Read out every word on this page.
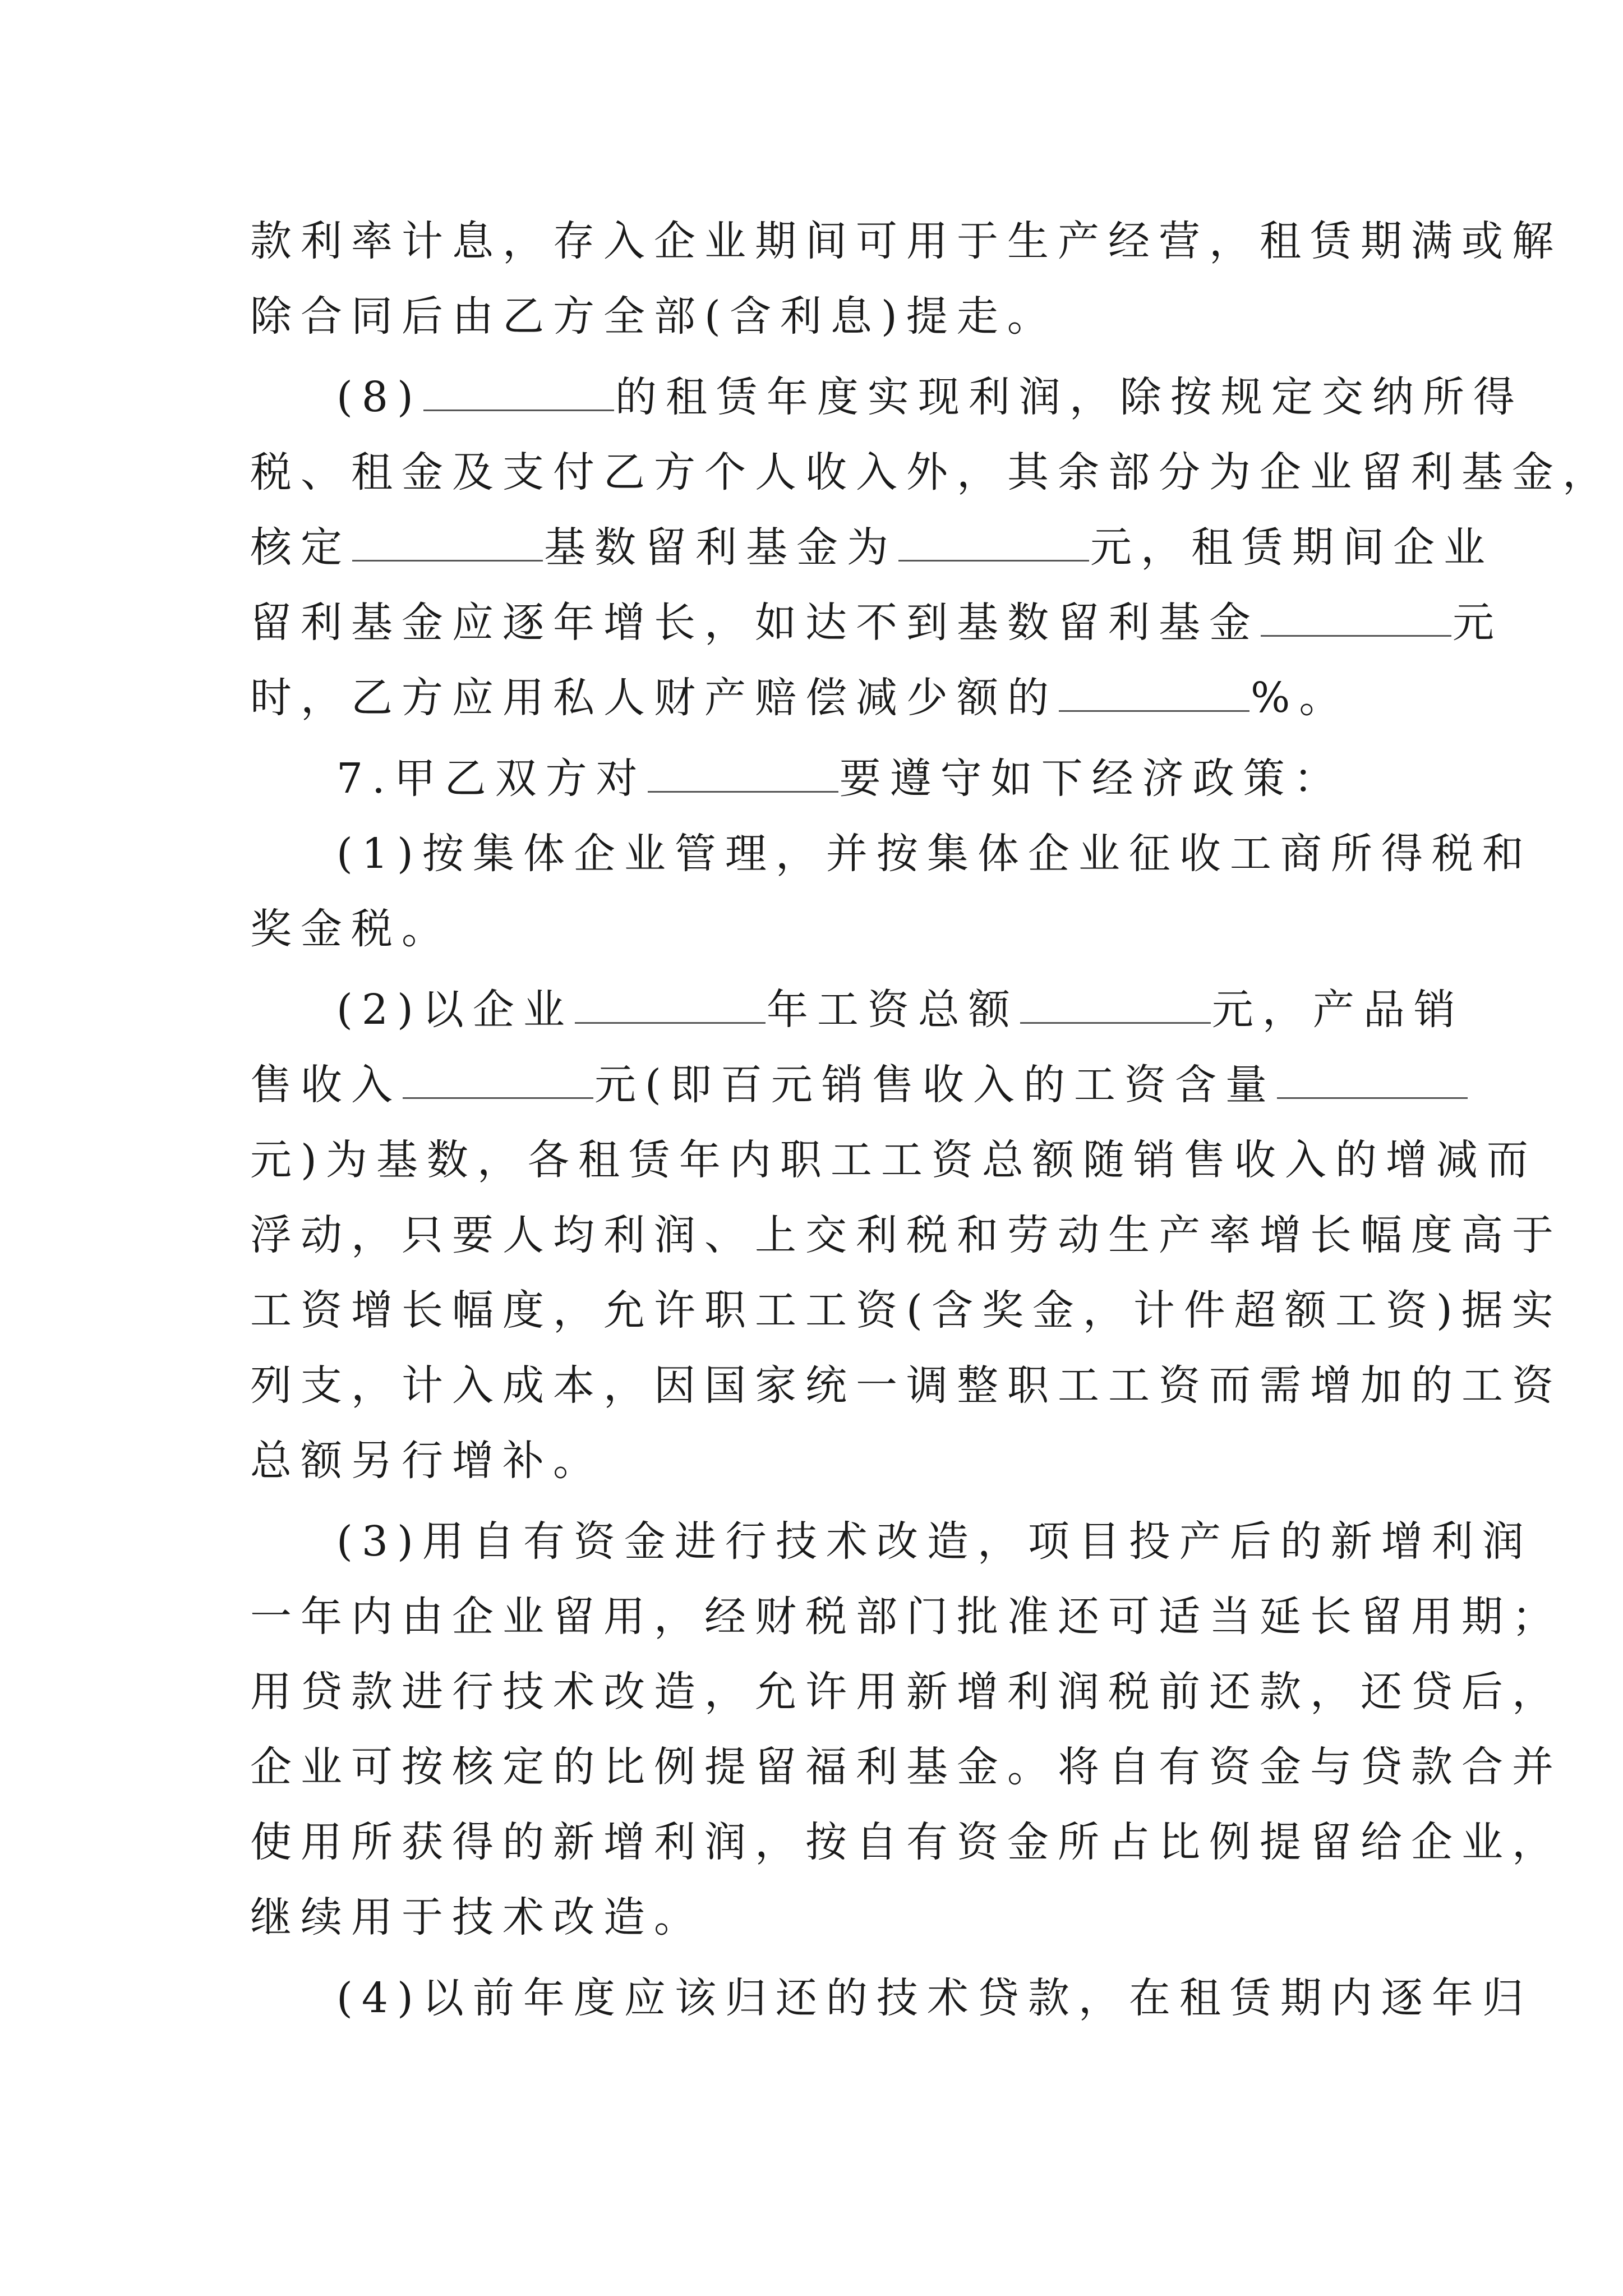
款利率计息，存入企业期间可用于生产经营，租赁期满或解
除合同后由乙方全部(含利息)提走。
(8)	的租赁年度实现利润，除按规定交纳所得
税、租金及支付乙方个人收入外，其余部分为企业留利基金，
核定	基数留利基金为	元，租赁期间企业
留利基金应逐年增长，如达不到基数留利基金	元
时，乙方应用私人财产赔偿减少额的	%。
7.甲乙双方对	要遵守如下经济政策：
(1)按集体企业管理，并按集体企业征收工商所得税和
奖金税。
(2)以企业	年工资总额	元，产品销
售收入	元(即百元销售收入的工资含量
元)为基数，各租赁年内职工工资总额随销售收入的增减而
浮动，只要人均利润、上交利税和劳动生产率增长幅度高于
工资增长幅度，允许职工工资(含奖金，计件超额工资)据实
列支，计入成本，因国家统一调整职工工资而需增加的工资
总额另行增补。
(3)用自有资金进行技术改造，项目投产后的新增利润
一年内由企业留用，经财税部门批准还可适当延长留用期；
用贷款进行技术改造，允许用新增利润税前还款，还贷后，
企业可按核定的比例提留福利基金。将自有资金与贷款合并
使用所获得的新增利润，按自有资金所占比例提留给企业，
继续用于技术改造。
(4)以前年度应该归还的技术贷款，在租赁期内逐年归
